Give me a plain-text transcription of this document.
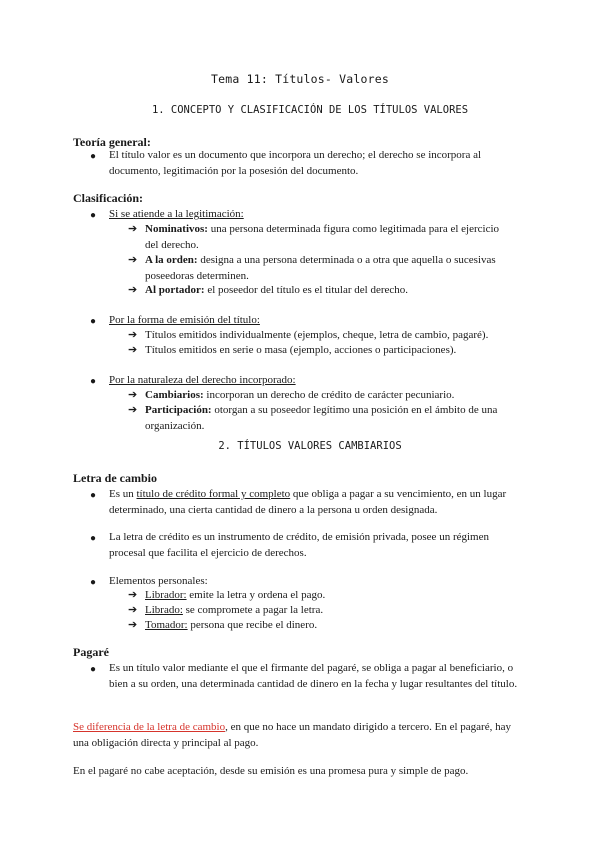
Tema 11: Títulos- Valores
1. CONCEPTO Y CLASIFICACIÓN DE LOS TÍTULOS VALORES
Teoría general:
● El título valor es un documento que incorpora un derecho; el derecho se incorpora al documento, legitimación por la posesión del documento.
Clasificación:
● Si se atiende a la legitimación:
➔ Nominativos: una persona determinada figura como legitimada para el ejercicio del derecho.
➔ A la orden: designa a una persona determinada o a otra que aquella o sucesivas poseedoras determinen.
➔ Al portador: el poseedor del título es el titular del derecho.
● Por la forma de emisión del título:
➔ Títulos emitidos individualmente (ejemplos, cheque, letra de cambio, pagaré).
➔ Títulos emitidos en serie o masa (ejemplo, acciones o participaciones).
● Por la naturaleza del derecho incorporado:
➔ Cambiarios: incorporan un derecho de crédito de carácter pecuniario.
➔ Participación: otorgan a su poseedor legítimo una posición en el ámbito de una organización.
2. TÍTULOS VALORES CAMBIARIOS
Letra de cambio
● Es un título de crédito formal y completo que obliga a pagar a su vencimiento, en un lugar determinado, una cierta cantidad de dinero a la persona u orden designada.
● La letra de crédito es un instrumento de crédito, de emisión privada, posee un régimen procesal que facilita el ejercicio de derechos.
● Elementos personales:
➔ Librador: emite la letra y ordena el pago.
➔ Librado: se compromete a pagar la letra.
➔ Tomador: persona que recibe el dinero.
Pagaré
● Es un título valor mediante el que el firmante del pagaré, se obliga a pagar al beneficiario, o bien a su orden, una determinada cantidad de dinero en la fecha y lugar resultantes del título.
Se diferencia de la letra de cambio, en que no hace un mandato dirigido a tercero. En el pagaré, hay una obligación directa y principal al pago.
En el pagaré no cabe aceptación, desde su emisión es una promesa pura y simple de pago.
